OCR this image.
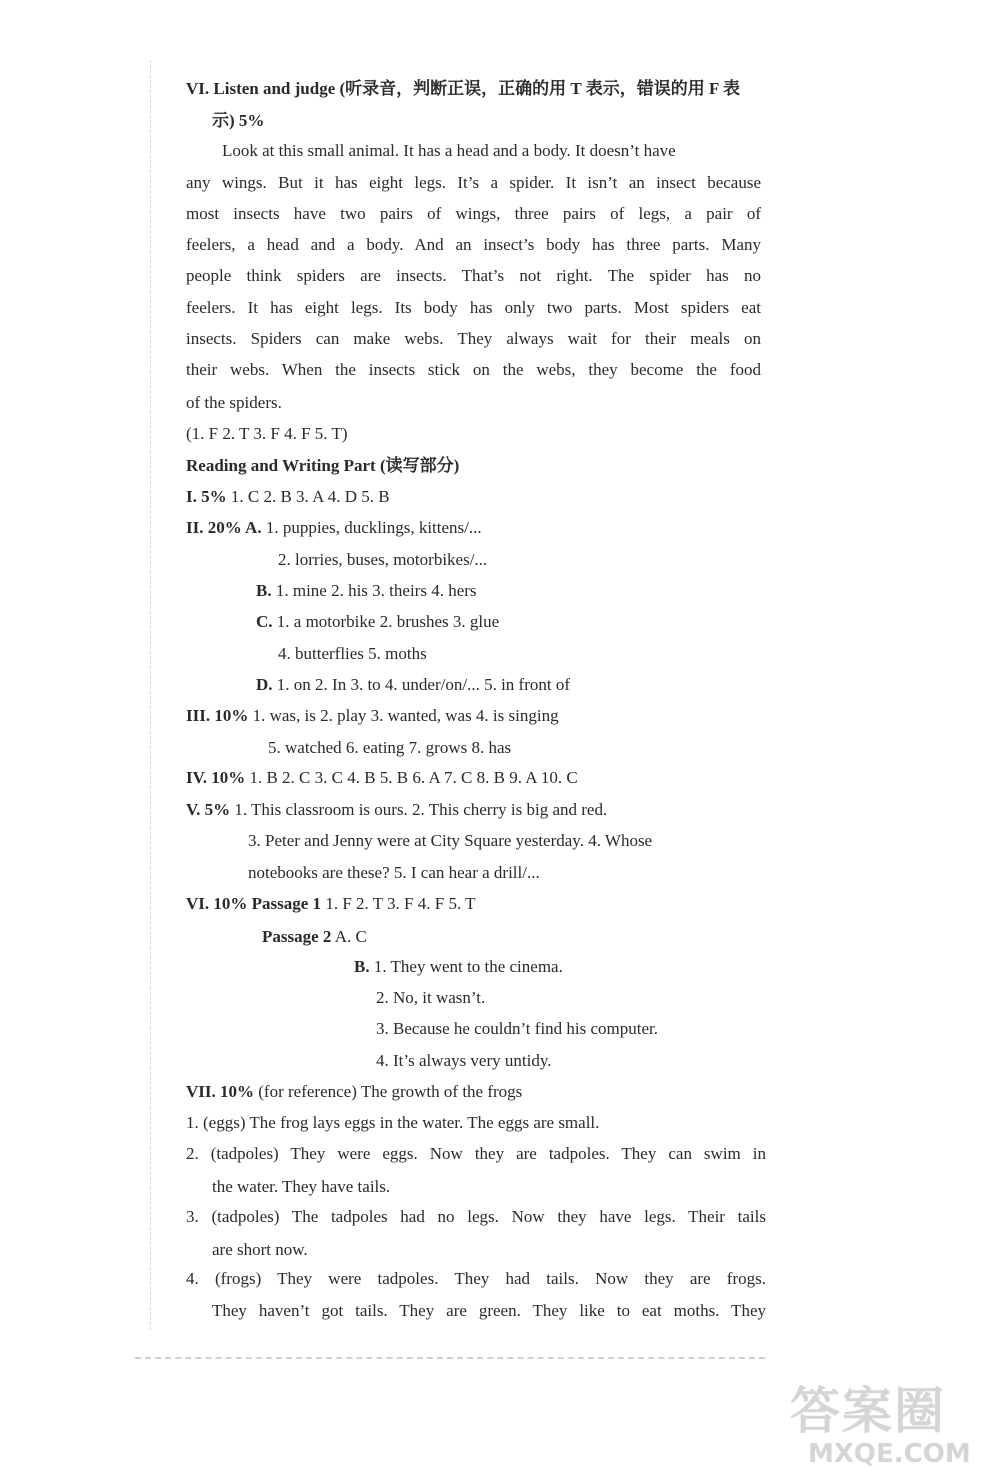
VI. Listen and judge (听录音，判断正误，正确的用 T 表示，错误的用 F 表
示) 5%
Look at this small animal. It has a head and a body. It doesn’t have
any wings. But it has eight legs. It’s a spider. It isn’t an insect because
most insects have two pairs of wings, three pairs of legs, a pair of
feelers, a head and a body. And an insect’s body has three parts. Many
people think spiders are insects. That’s not right. The spider has no
feelers. It has eight legs. Its body has only two parts. Most spiders eat
insects. Spiders can make webs. They always wait for their meals on
their webs. When the insects stick on the webs, they become the food
of the spiders.
(1. F 2. T 3. F 4. F 5. T)
Reading and Writing Part (读写部分)
I. 5% 1. C 2. B 3. A 4. D 5. B
II. 20% A. 1. puppies, ducklings, kittens/...
2. lorries, buses, motorbikes/...
B. 1. mine 2. his 3. theirs 4. hers
C. 1. a motorbike 2. brushes 3. glue
4. butterflies 5. moths
D. 1. on 2. In 3. to 4. under/on/... 5. in front of
III. 10% 1. was, is 2. play 3. wanted, was 4. is singing
5. watched 6. eating 7. grows 8. has
IV. 10% 1. B 2. C 3. C 4. B 5. B 6. A 7. C 8. B 9. A 10. C
V. 5% 1. This classroom is ours. 2. This cherry is big and red.
3. Peter and Jenny were at City Square yesterday. 4. Whose
notebooks are these? 5. I can hear a drill/...
VI. 10% Passage 1 1. F 2. T 3. F 4. F 5. T
Passage 2 A. C
B. 1. They went to the cinema.
2. No, it wasn’t.
3. Because he couldn’t find his computer.
4. It’s always very untidy.
VII. 10% (for reference) The growth of the frogs
1. (eggs) The frog lays eggs in the water. The eggs are small.
2. (tadpoles) They were eggs. Now they are tadpoles. They can swim in
the water. They have tails.
3. (tadpoles) The tadpoles had no legs. Now they have legs. Their tails
are short now.
4. (frogs) They were tadpoles. They had tails. Now they are frogs.
They haven’t got tails. They are green. They like to eat moths. They
答案圈
MXQE.COM
